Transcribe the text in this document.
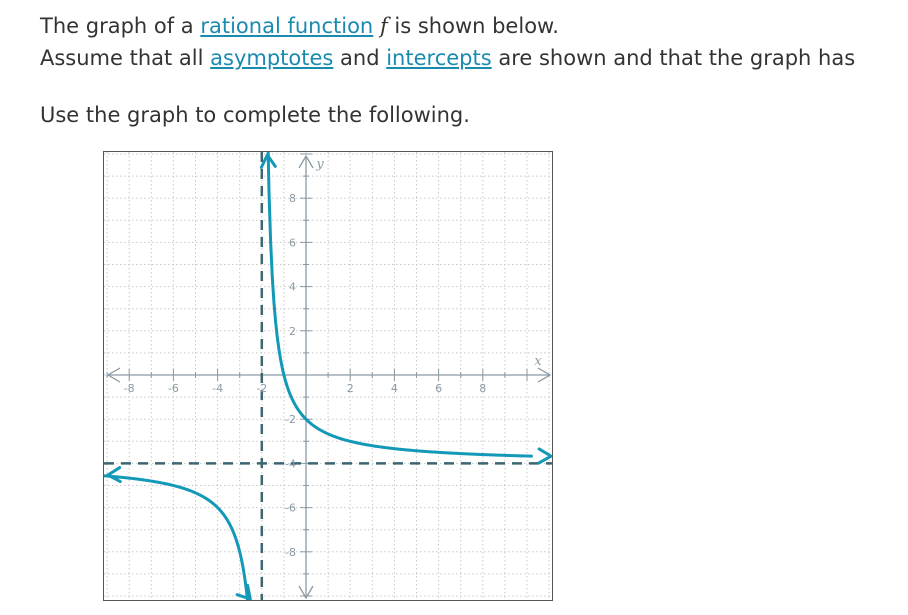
The graph of a rational function f is shown below.
Assume that all asymptotes and intercepts are shown and that the graph has
Use the graph to complete the following.
x
y
-8	-6	-4	-2	2	4	6	8
8
6
4
2
-2
-4
-6
-8
